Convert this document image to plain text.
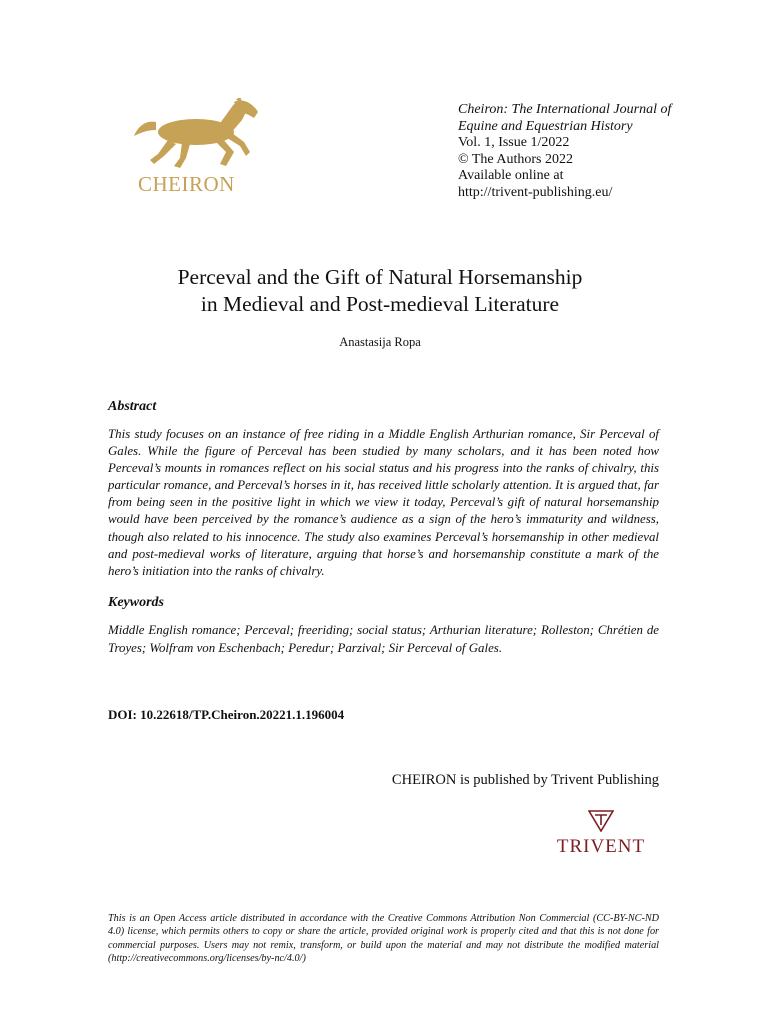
CHEIRON
Cheiron: The International Journal of
Equine and Equestrian History
Vol. 1, Issue 1/2022
© The Authors 2022
Available online at
http://trivent-publishing.eu/
Perceval and the Gift of Natural Horsemanship
in Medieval and Post-medieval Literature
Anastasija Ropa
Abstract
This study focuses on an instance of free riding in a Middle English Arthurian romance, Sir Perceval of Gales. While the figure of Perceval has been studied by many scholars, and it has been noted how Perceval’s mounts in romances reflect on his social status and his progress into the ranks of chivalry, this particular romance, and Perceval’s horses in it, has received little scholarly attention. It is argued that, far from being seen in the positive light in which we view it today, Perceval’s gift of natural horsemanship would have been perceived by the romance’s audience as a sign of the hero’s immaturity and wildness, though also related to his innocence. The study also examines Perceval’s horsemanship in other medieval and post-medieval works of literature, arguing that horse’s and horsemanship constitute a mark of the hero’s initiation into the ranks of chivalry.
Keywords
Middle English romance; Perceval; freeriding; social status; Arthurian literature; Rolleston; Chrétien de Troyes; Wolfram von Eschenbach; Peredur; Parzival; Sir Perceval of Gales.
DOI: 10.22618/TP.Cheiron.20221.1.196004
CHEIRON is published by Trivent Publishing
TRIVENT
This is an Open Access article distributed in accordance with the Creative Commons Attribution Non Commercial (CC-BY-NC-ND 4.0) license, which permits others to copy or share the article, provided original work is properly cited and that this is not done for commercial purposes. Users may not remix, transform, or build upon the material and may not distribute the modified material (http://creativecommons.org/licenses/by-nc/4.0/)
